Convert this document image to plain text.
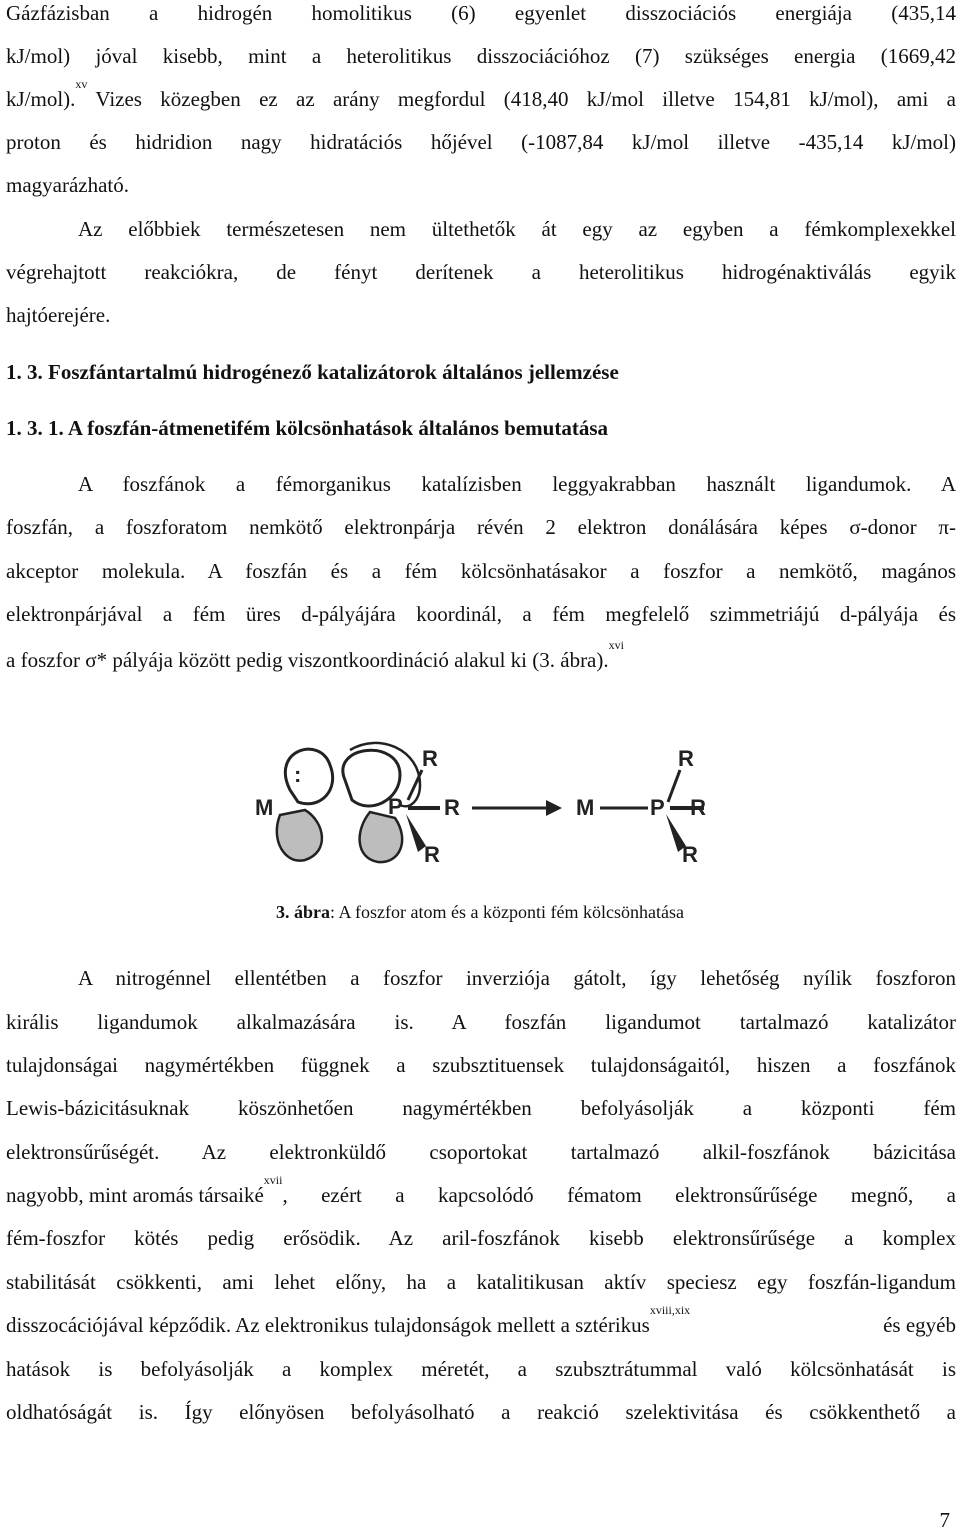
Gázfázisban a hidrogén homolitikus (6) egyenlet disszociációs energiája (435,14
kJ/mol) jóval kisebb, mint a heterolitikus disszociációhoz (7) szükséges energia (1669,42
kJ/mol).$^{xv}$
Vizes közegben ez az arány megfordul (418,40 kJ/mol illetve 154,81 kJ/mol), ami a
proton és hidridion nagy hidratációs hőjével (-1087,84 kJ/mol illetve -435,14 kJ/mol)
magyarázható.
Az előbbiek természetesen nem ültethetők át egy az egyben a fémkomplexekkel
végrehajtott reakciókra, de fényt derítenek a heterolitikus hidrogénaktiválás egyik
hajtóerejére.
1. 3. Foszfántartalmú hidrogénező katalizátorok általános jellemzése
1. 3. 1. A foszfán-átmenetifém kölcsönhatások általános bemutatása
A foszfánok a fémorganikus katalízisben leggyakrabban használt ligandumok. A
foszfán, a foszforatom nemkötő elektronpárja révén 2 elektron donálására képes σ-donor π-
akceptor molekula. A foszfán és a fém kölcsönhatásakor a foszfor a nemkötő, magános
elektronpárjával a fém üres d-pályájára koordinál, a fém megfelelő szimmetriájú d-pályája és
a foszfor σ* pályája között pedig viszontkoordináció alakul ki (3. ábra).$^{xvi}$
M
:
P
R
R
R
M	P
R
R
R
3. ábra: A foszfor atom és a központi fém kölcsönhatása
A nitrogénnel ellentétben a foszfor inverziója gátolt, így lehetőség nyílik foszforon
királis ligandumok alkalmazására is. A foszfán ligandumot tartalmazó katalizátor
tulajdonságai nagymértékben függnek a szubsztituensek tulajdonságaitól, hiszen a foszfánok
Lewis-bázicitásuknak köszönhetően nagymértékben befolyásolják a központi fém
elektronsűrűségét. Az elektronküldő csoportokat tartalmazó alkil-foszfánok bázicitása
nagyobb, mint aromás társaiké$^{xvii}$
, ezért a kapcsolódó fématom elektronsűrűsége megnő, a
fém-foszfor kötés pedig erősödik. Az aril-foszfánok kisebb elektronsűrűsége a komplex
stabilitását csökkenti, ami lehet előny, ha a katalitikusan aktív speciesz egy foszfán-ligandum
disszocációjával képződik. Az elektronikus tulajdonságok mellett a sztérikus$^{xviii,xix}$
és egyéb
hatások is befolyásolják a komplex méretét, a szubsztrátummal való kölcsönhatását is
oldhatóságát is. Így előnyösen befolyásolható a reakció szelektivitása és csökkenthető a
7
